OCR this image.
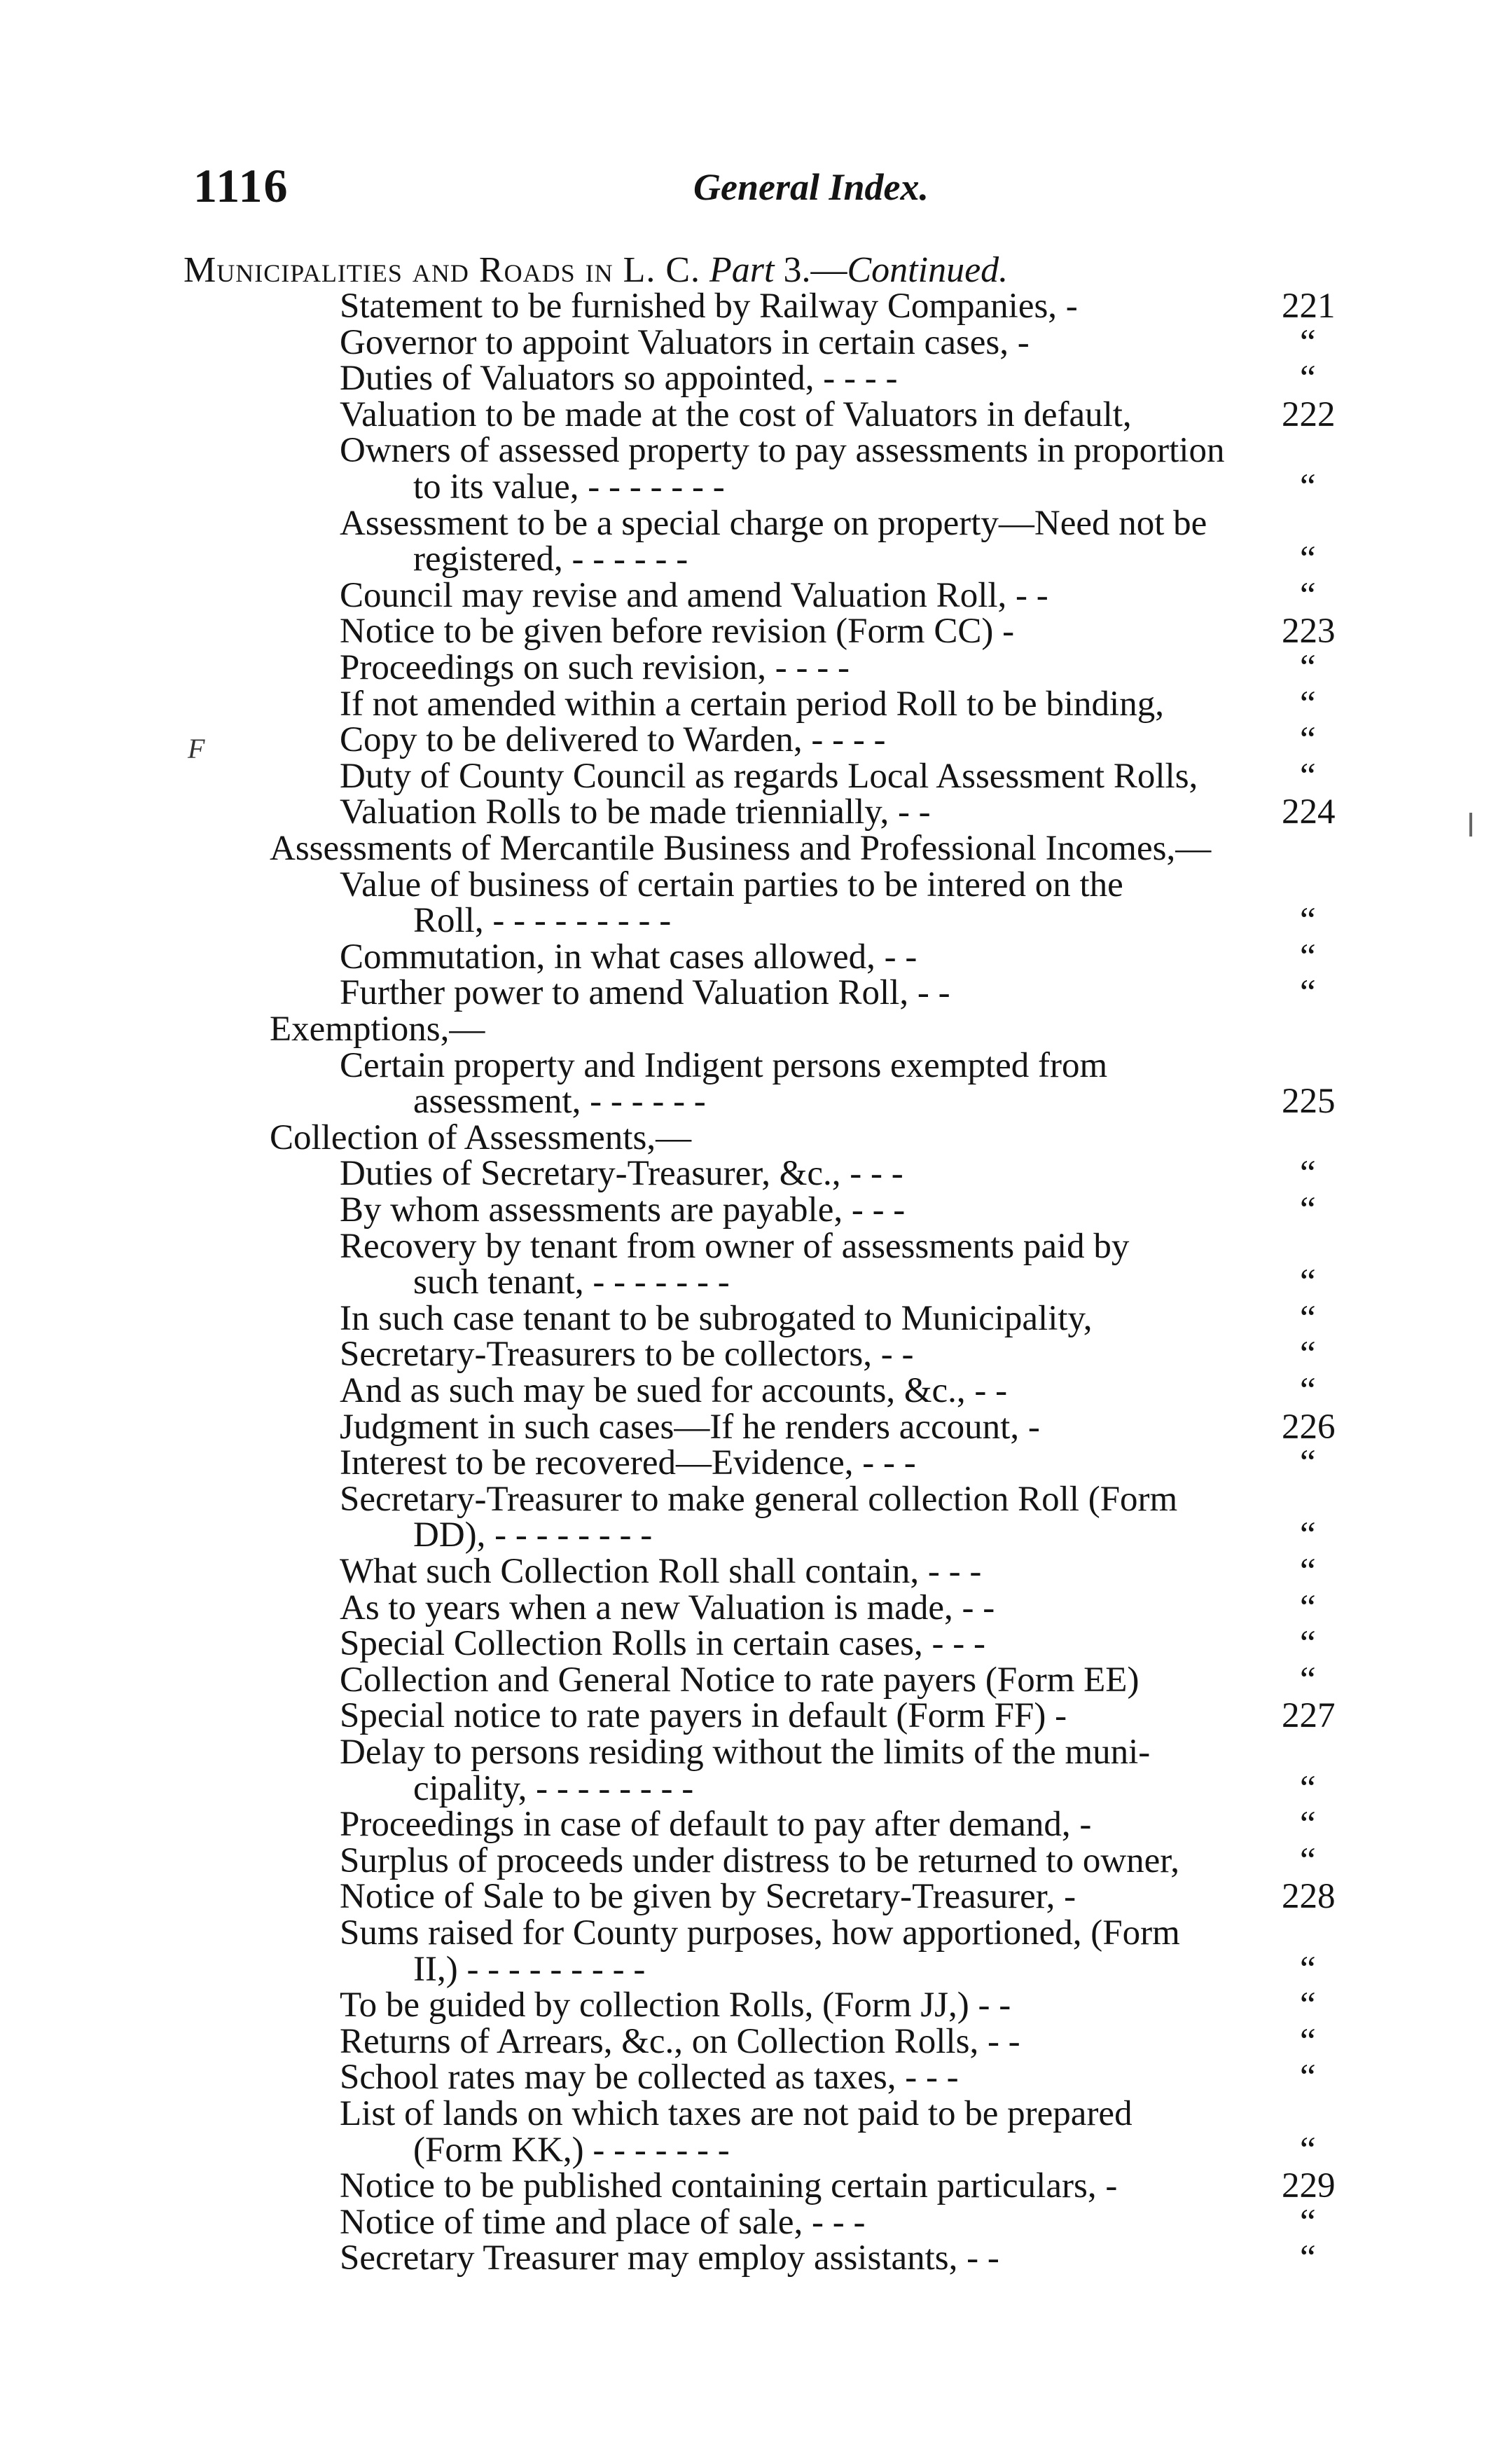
1116	General Index.
Municipalities and Roads in L. C. Part 3.—Continued.
F
Statement to be furnished by Railway Companies, -	221
Governor to appoint Valuators in certain cases, -	“
Duties of Valuators so appointed, - - - -	“
Valuation to be made at the cost of Valuators in default,	222
Owners of assessed property to pay assessments in proportion
to its value, - - - - - - -	“
Assessment to be a special charge on property—Need not be
registered, - - - - - -	“
Council may revise and amend Valuation Roll, - -	“
Notice to be given before revision (Form CC) -	223
Proceedings on such revision, - - - -	“
If not amended within a certain period Roll to be binding,	“
Copy to be delivered to Warden, - - - -	“
Duty of County Council as regards Local Assessment Rolls,	“
Valuation Rolls to be made triennially, - -	224
Assessments of Mercantile Business and Professional Incomes,—
Value of business of certain parties to be intered on the
Roll, - - - - - - - - -	“
Commutation, in what cases allowed, - -	“
Further power to amend Valuation Roll, - -	“
Exemptions,—
Certain property and Indigent persons exempted from
assessment, - - - - - -	225
Collection of Assessments,—
Duties of Secretary-Treasurer, &c., - - -	“
By whom assessments are payable, - - -	“
Recovery by tenant from owner of assessments paid by
such tenant, - - - - - - -	“
In such case tenant to be subrogated to Municipality,	“
Secretary-Treasurers to be collectors, - -	“
And as such may be sued for accounts, &c., - -	“
Judgment in such cases—If he renders account, -	226
Interest to be recovered—Evidence, - - -	“
Secretary-Treasurer to make general collection Roll (Form
DD), - - - - - - - -	“
What such Collection Roll shall contain, - - -	“
As to years when a new Valuation is made, - -	“
Special Collection Rolls in certain cases, - - -	“
Collection and General Notice to rate payers (Form EE)	“
Special notice to rate payers in default (Form FF) -	227
Delay to persons residing without the limits of the muni-
cipality, - - - - - - - -	“
Proceedings in case of default to pay after demand, -	“
Surplus of proceeds under distress to be returned to owner,	“
Notice of Sale to be given by Secretary-Treasurer, -	228
Sums raised for County purposes, how apportioned, (Form
II,) - - - - - - - - -	“
To be guided by collection Rolls, (Form JJ,) - -	“
Returns of Arrears, &c., on Collection Rolls, - -	“
School rates may be collected as taxes, - - -	“
List of lands on which taxes are not paid to be prepared
(Form KK,) - - - - - - -	“
Notice to be published containing certain particulars, -	229
Notice of time and place of sale, - - -	“
Secretary Treasurer may employ assistants, - -	“
